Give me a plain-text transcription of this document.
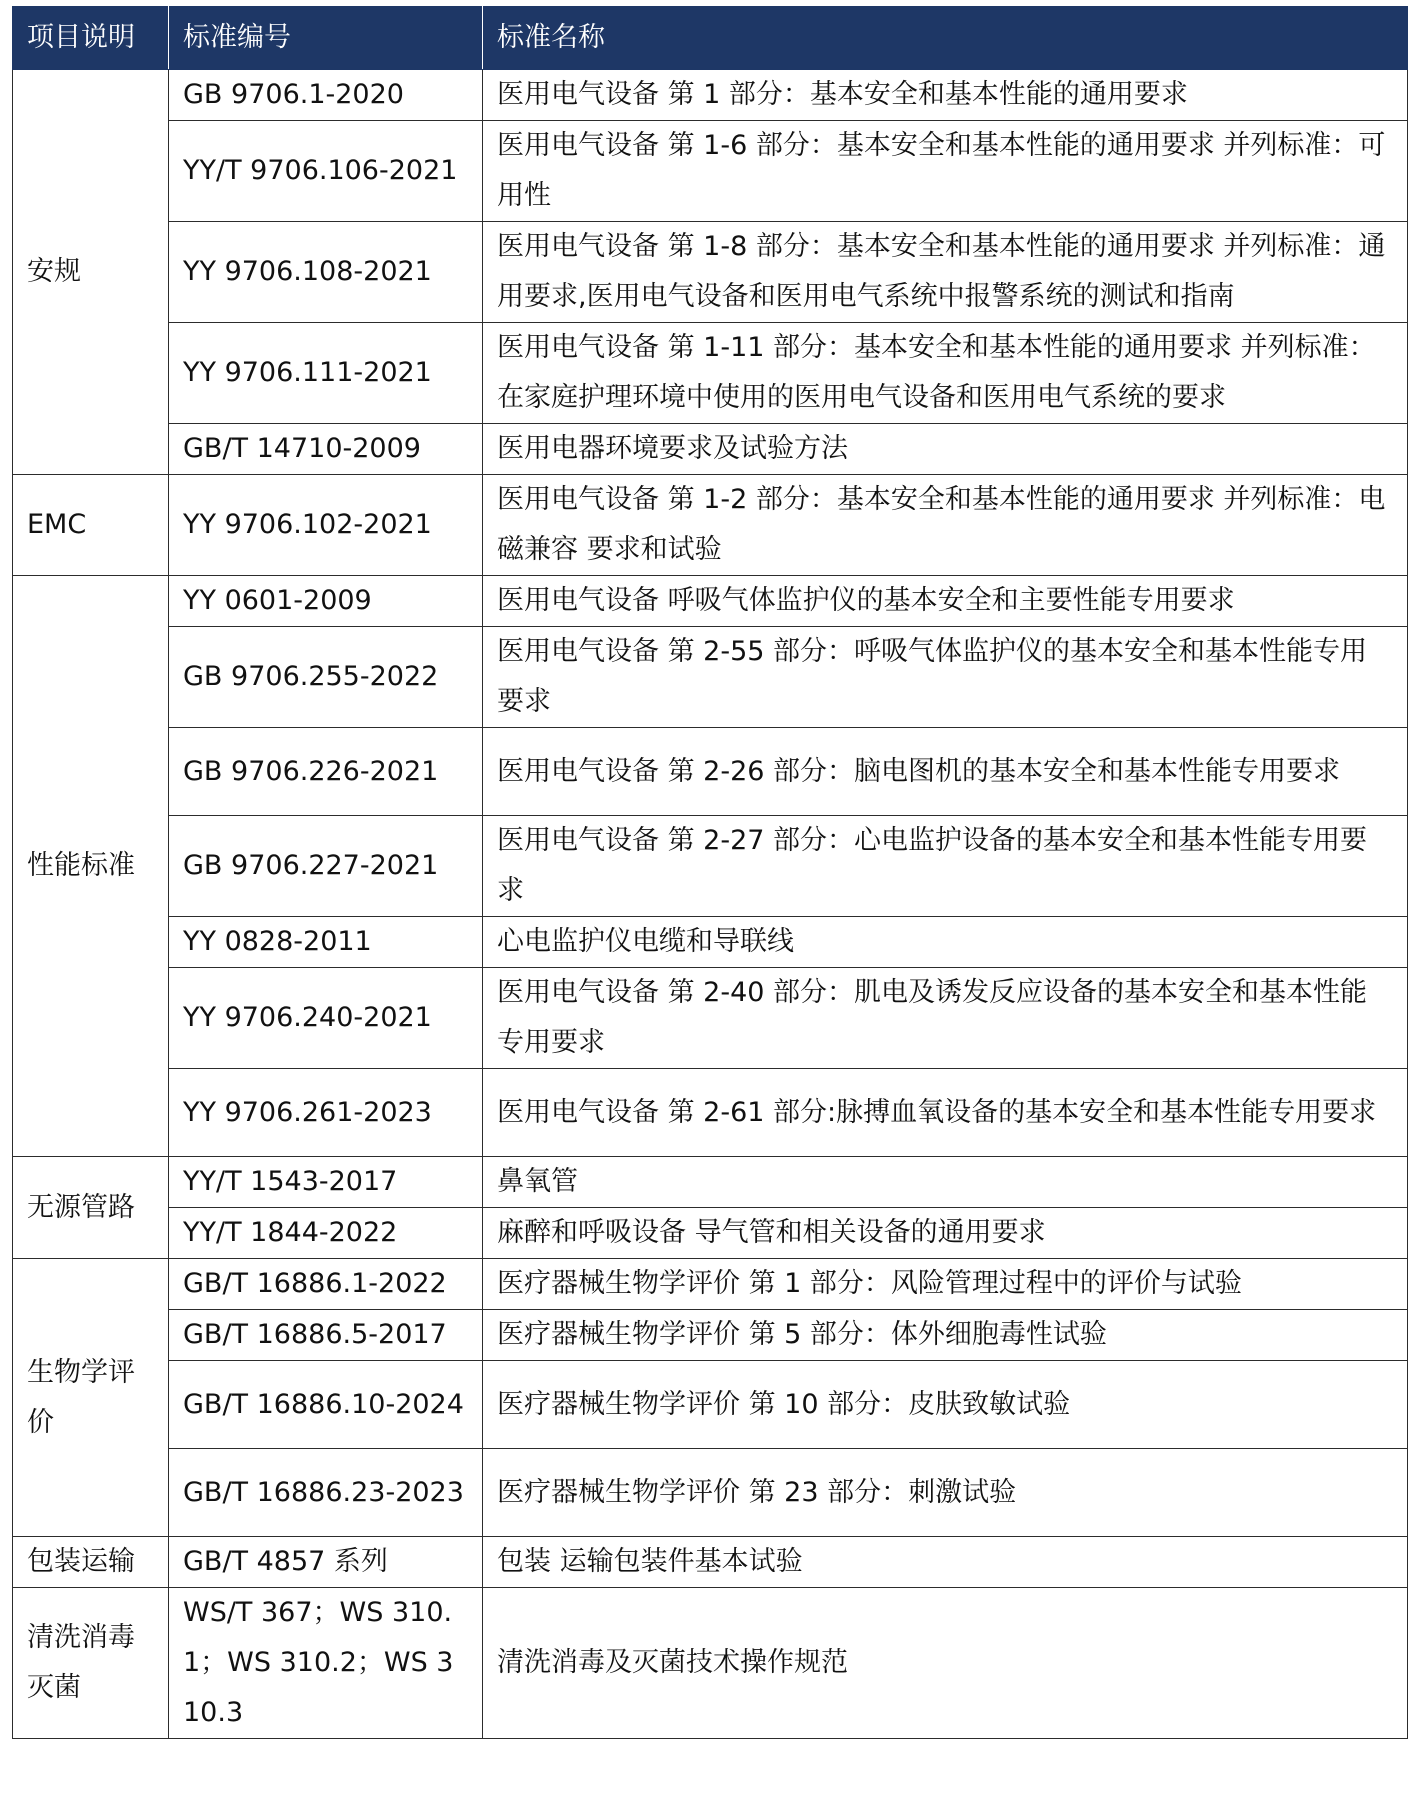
项目说明	标准编号	标准名称
安规	GB 9706.1-2020	医用电气设备 第 1 部分：基本安全和基本性能的通用要求
	YY/T 9706.106-2021	医用电气设备 第 1-6 部分：基本安全和基本性能的通用要求 并列标准：可用性
	YY 9706.108-2021	医用电气设备 第 1-8 部分：基本安全和基本性能的通用要求 并列标准：通用要求,医用电气设备和医用电气系统中报警系统的测试和指南
	YY 9706.111-2021	医用电气设备 第 1-11 部分：基本安全和基本性能的通用要求 并列标准：在家庭护理环境中使用的医用电气设备和医用电气系统的要求
	GB/T 14710-2009	医用电器环境要求及试验方法
EMC	YY 9706.102-2021	医用电气设备 第 1-2 部分：基本安全和基本性能的通用要求 并列标准：电磁兼容 要求和试验
性能标准	YY 0601-2009	医用电气设备 呼吸气体监护仪的基本安全和主要性能专用要求
	GB 9706.255-2022	医用电气设备 第 2-55 部分：呼吸气体监护仪的基本安全和基本性能专用要求
	GB 9706.226-2021	医用电气设备 第 2-26 部分：脑电图机的基本安全和基本性能专用要求
	GB 9706.227-2021	医用电气设备 第 2-27 部分：心电监护设备的基本安全和基本性能专用要求
	YY 0828-2011	心电监护仪电缆和导联线
	YY 9706.240-2021	医用电气设备 第 2-40 部分：肌电及诱发反应设备的基本安全和基本性能专用要求
	YY 9706.261-2023	医用电气设备 第 2-61 部分:脉搏血氧设备的基本安全和基本性能专用要求
无源管路	YY/T 1543-2017	鼻氧管
	YY/T 1844-2022	麻醉和呼吸设备 导气管和相关设备的通用要求
生物学评价	GB/T 16886.1-2022	医疗器械生物学评价 第 1 部分：风险管理过程中的评价与试验
	GB/T 16886.5-2017	医疗器械生物学评价 第 5 部分：体外细胞毒性试验
	GB/T 16886.10-2024	医疗器械生物学评价 第 10 部分：皮肤致敏试验
	GB/T 16886.23-2023	医疗器械生物学评价 第 23 部分：刺激试验
包装运输	GB/T 4857 系列	包装 运输包装件基本试验
清洗消毒灭菌	WS/T 367；WS 310.1；WS 310.2；WS 310.3	清洗消毒及灭菌技术操作规范
